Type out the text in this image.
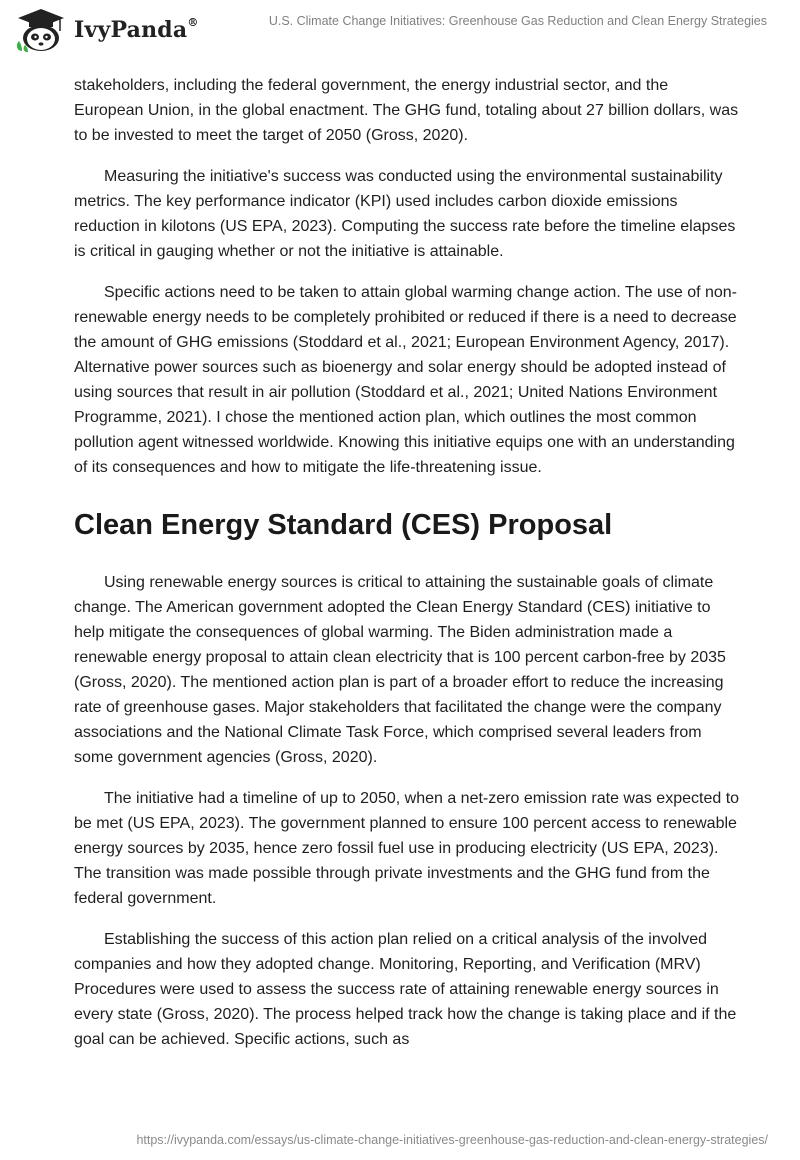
IvyPanda®	U.S. Climate Change Initiatives: Greenhouse Gas Reduction and Clean Energy Strategies

stakeholders, including the federal government, the energy industrial sector, and the European Union, in the global enactment. The GHG fund, totaling about 27 billion dollars, was to be invested to meet the target of 2050 (Gross, 2020).

Measuring the initiative's success was conducted using the environmental sustainability metrics. The key performance indicator (KPI) used includes carbon dioxide emissions reduction in kilotons (US EPA, 2023). Computing the success rate before the timeline elapses is critical in gauging whether or not the initiative is attainable.

Specific actions need to be taken to attain global warming change action. The use of non-renewable energy needs to be completely prohibited or reduced if there is a need to decrease the amount of GHG emissions (Stoddard et al., 2021; European Environment Agency, 2017). Alternative power sources such as bioenergy and solar energy should be adopted instead of using sources that result in air pollution (Stoddard et al., 2021; United Nations Environment Programme, 2021). I chose the mentioned action plan, which outlines the most common pollution agent witnessed worldwide. Knowing this initiative equips one with an understanding of its consequences and how to mitigate the life-threatening issue.

Clean Energy Standard (CES) Proposal

Using renewable energy sources is critical to attaining the sustainable goals of climate change. The American government adopted the Clean Energy Standard (CES) initiative to help mitigate the consequences of global warming. The Biden administration made a renewable energy proposal to attain clean electricity that is 100 percent carbon-free by 2035 (Gross, 2020). The mentioned action plan is part of a broader effort to reduce the increasing rate of greenhouse gases. Major stakeholders that facilitated the change were the company associations and the National Climate Task Force, which comprised several leaders from some government agencies (Gross, 2020).

The initiative had a timeline of up to 2050, when a net-zero emission rate was expected to be met (US EPA, 2023). The government planned to ensure 100 percent access to renewable energy sources by 2035, hence zero fossil fuel use in producing electricity (US EPA, 2023). The transition was made possible through private investments and the GHG fund from the federal government.

Establishing the success of this action plan relied on a critical analysis of the involved companies and how they adopted change. Monitoring, Reporting, and Verification (MRV) Procedures were used to assess the success rate of attaining renewable energy sources in every state (Gross, 2020). The process helped track how the change is taking place and if the goal can be achieved. Specific actions, such as

https://ivypanda.com/essays/us-climate-change-initiatives-greenhouse-gas-reduction-and-clean-energy-strategies/
